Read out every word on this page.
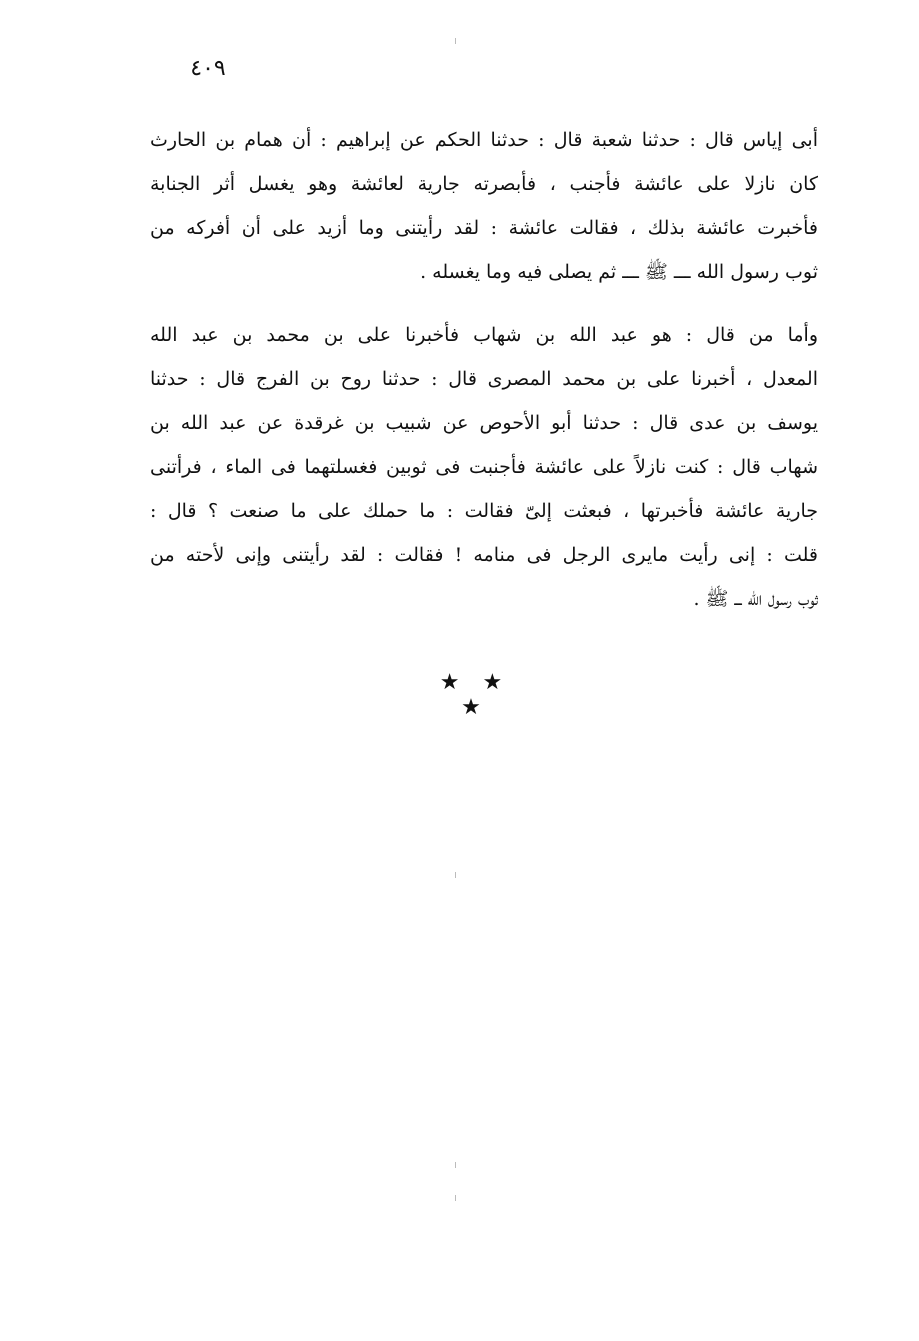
٤٠٩
أبى إياس قال : حدثنا شعبة قال : حدثنا الحكم عن إبراهيم : أن همام بن الحارث
كان نازلا على عائشة فأجنب ، فأبصرته جارية لعائشة وهو يغسل أثر الجنابة
فأخبرت عائشة بذلك ، فقالت عائشة : لقد رأيتنى وما أزيد على أن أفركه من
ثوب رسول الله ـــ ﷺ ـــ ثم يصلى فيه وما يغسله .
وأما من قال : هو عبد الله بن شهاب فأخبرنا على بن محمد بن عبد الله
المعدل ، أخبرنا على بن محمد المصرى قال : حدثنا روح بن الفرج قال : حدثنا
يوسف بن عدى قال : حدثنا أبو الأحوص عن شبيب بن غرقدة عن عبد الله بن
شهاب قال : كنت نازلاً على عائشة فأجنبت فى ثوبين فغسلتهما فى الماء ، فرأتنى
جارية عائشة فأخبرتها ، فبعثت إلىّ فقالت : ما حملك على ما صنعت ؟ قال :
قلت : إنى رأيت مايرى الرجل فى منامه ! فقالت : لقد رأيتنى وإنى لأحته من
ثوب رسول الله ـــ ﷺ .
★ ★ ★
